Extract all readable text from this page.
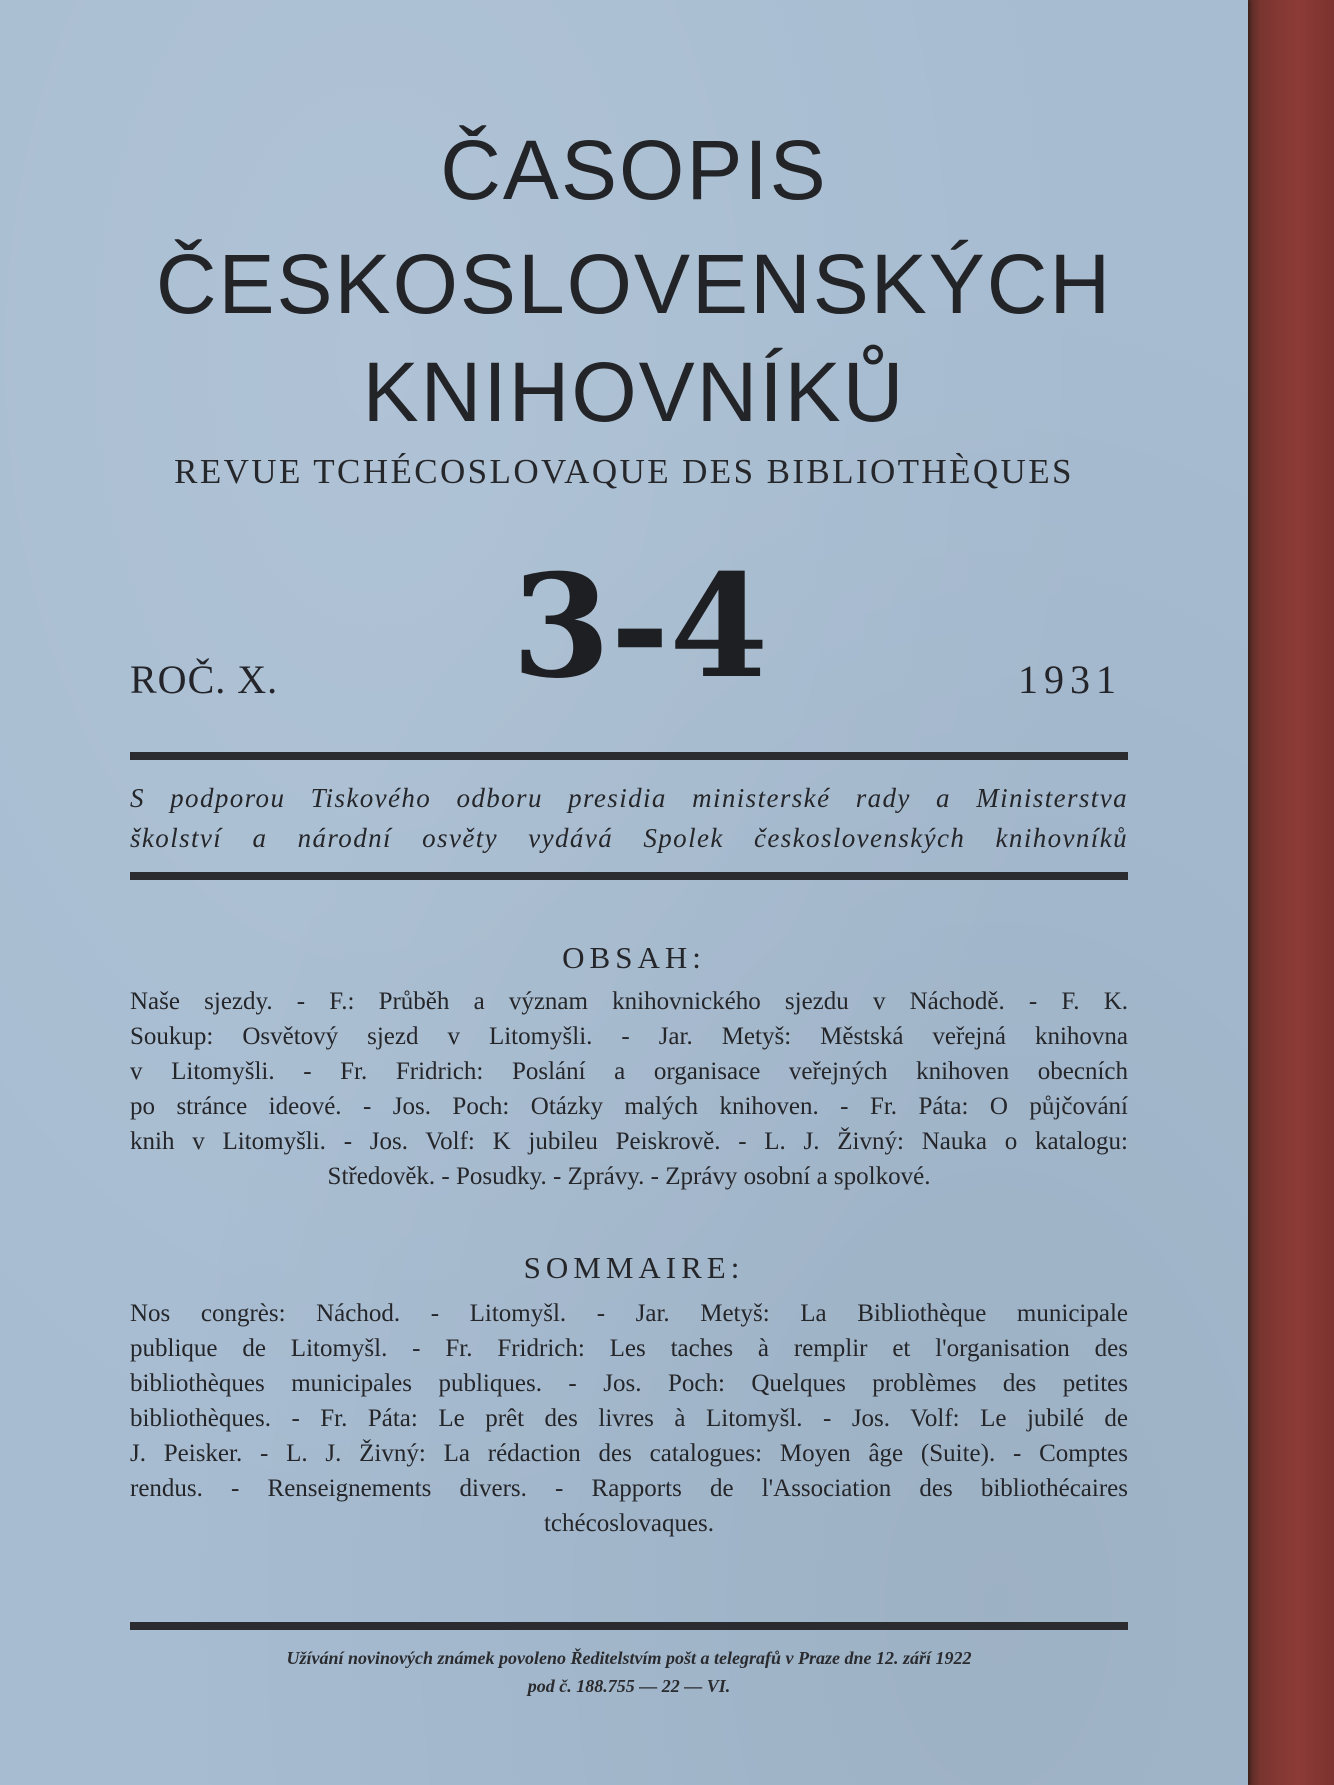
ČASOPIS
ČESKOSLOVENSKÝCH
KNIHOVNÍKŮ
REVUE TCHÉCOSLOVAQUE DES BIBLIOTHÈQUES
ROČ. X. 3-4	1931
S podporou Tiskového odboru presidia ministerské rady a Ministerstva
školství a národní osvěty vydává Spolek československých knihovníků
OBSAH:
Naše sjezdy. - F.: Průběh a význam knihovnického sjezdu v Náchodě. - F. K.
Soukup: Osvětový sjezd v Litomyšli. - Jar. Metyš: Městská veřejná knihovna
v Litomyšli. - Fr. Fridrich: Poslání a organisace veřejných knihoven obecních
po stránce ideové. - Jos. Poch: Otázky malých knihoven. - Fr. Páta: O půjčování
knih v Litomyšli. - Jos. Volf: K jubileu Peiskrově. - L. J. Živný: Nauka o katalogu:
Středověk. - Posudky. - Zprávy. - Zprávy osobní a spolkové.
SOMMAIRE:
Nos congrès: Náchod. - Litomyšl. - Jar. Metyš: La Bibliothèque municipale
publique de Litomyšl. - Fr. Fridrich: Les taches à remplir et l'organisation des
bibliothèques municipales publiques. - Jos. Poch: Quelques problèmes des petites
bibliothèques. - Fr. Páta: Le prêt des livres à Litomyšl. - Jos. Volf: Le jubilé de
J. Peisker. - L. J. Živný: La rédaction des catalogues: Moyen âge (Suite). - Comptes
rendus. - Renseignements divers. - Rapports de l'Association des bibliothécaires
tchécoslovaques.
Užívání novinových známek povoleno Ředitelstvím pošt a telegrafů v Praze dne 12. září 1922
pod č. 188.755 — 22 — VI.
